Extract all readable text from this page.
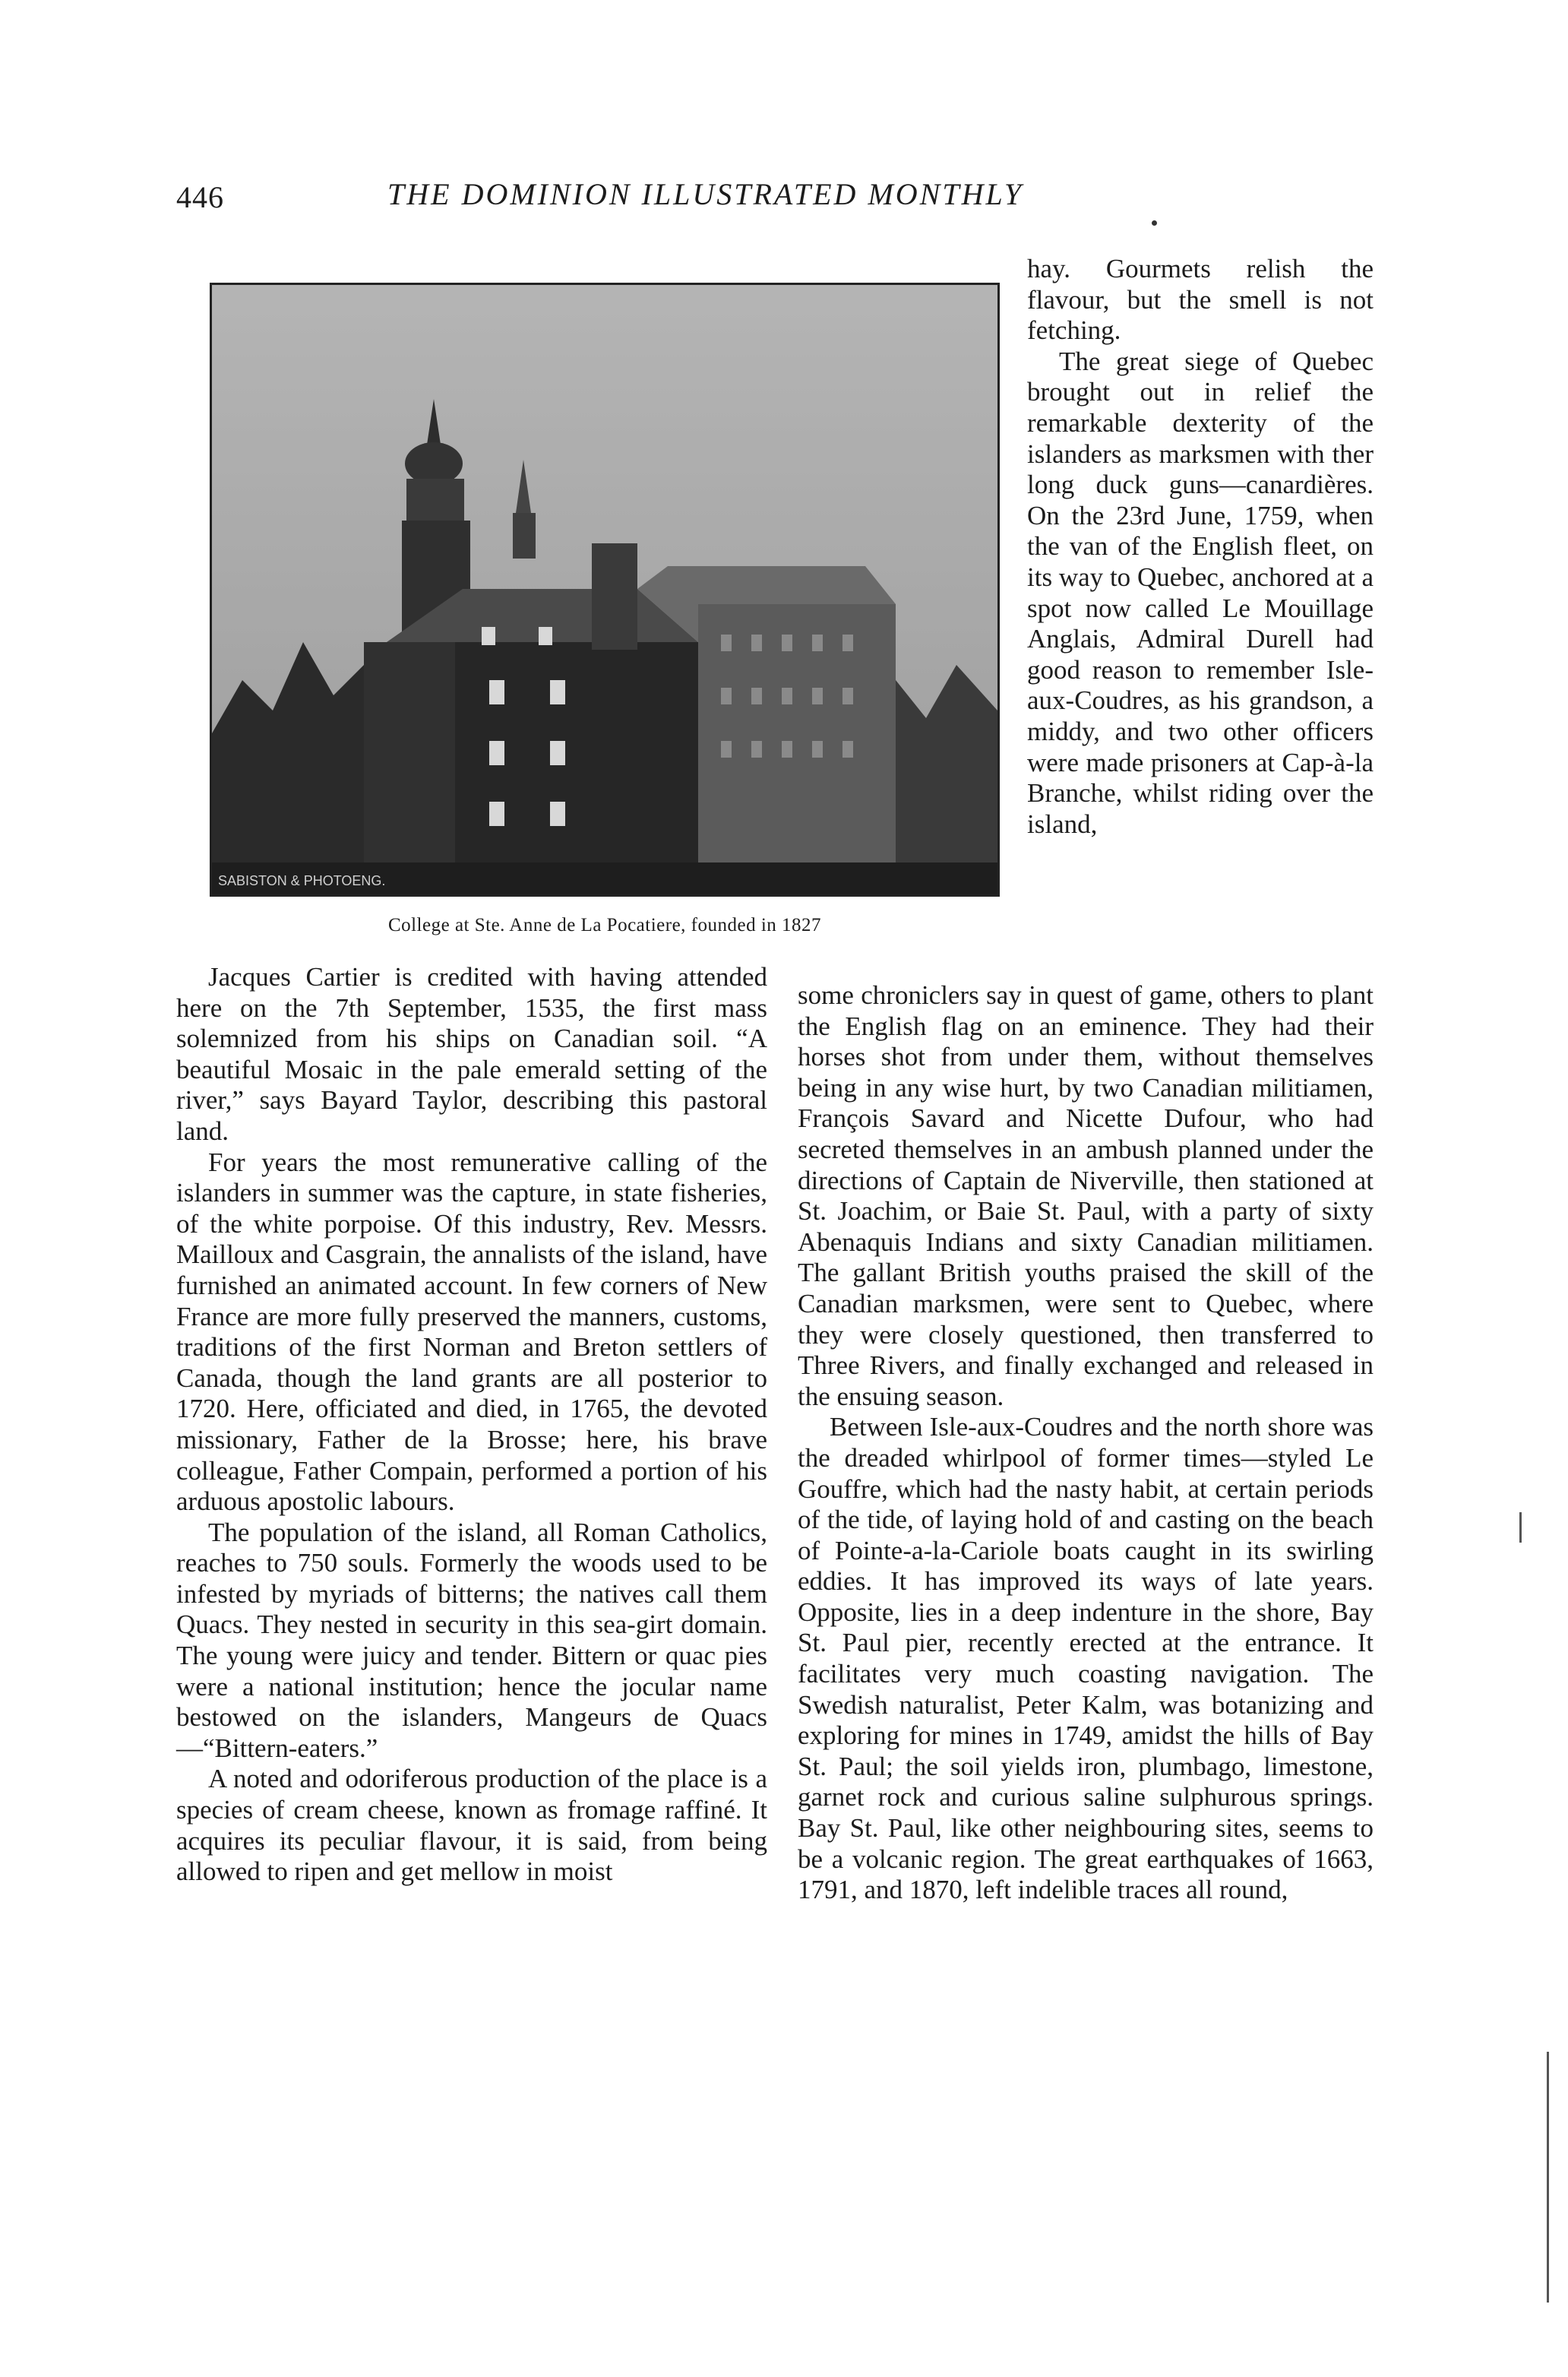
446	THE DOMINION ILLUSTRATED MONTHLY
SABISTON & PHOTOENG.
College at Ste. Anne de La Pocatiere, founded in 1827

hay. Gourmets relish the flavour, but the smell is not fetching.

The great siege of Quebec brought out in relief the remarkable dexterity of the islanders as marksmen with ther long duck guns—canardières. On the 23rd June, 1759, when the van of the English fleet, on its way to Quebec, anchored at a spot now called Le Mouillage Anglais, Admiral Durell had good reason to remember Isle-aux-Coudres, as his grandson, a middy, and two other officers were made prisoners at Cap-à-la Branche, whilst riding over the island,

Jacques Cartier is credited with having attended here on the 7th September, 1535, the first mass solemnized from his ships on Canadian soil. “A beautiful Mosaic in the pale emerald setting of the river,” says Bayard Taylor, describing this pastoral land.

For years the most remunerative calling of the islanders in summer was the capture, in state fisheries, of the white porpoise. Of this industry, Rev. Messrs. Mailloux and Casgrain, the annalists of the island, have furnished an animated account. In few corners of New France are more fully preserved the manners, customs, traditions of the first Norman and Breton settlers of Canada, though the land grants are all posterior to 1720. Here, officiated and died, in 1765, the devoted missionary, Father de la Brosse; here, his brave colleague, Father Compain, performed a portion of his arduous apostolic labours.

The population of the island, all Roman Catholics, reaches to 750 souls. Formerly the woods used to be infested by myriads of bitterns; the natives call them Quacs. They nested in security in this sea-girt domain. The young were juicy and tender. Bittern or quac pies were a national institution; hence the jocular name bestowed on the islanders, Mangeurs de Quacs—“Bittern-eaters.”

A noted and odoriferous production of the place is a species of cream cheese, known as fromage raffiné. It acquires its peculiar flavour, it is said, from being allowed to ripen and get mellow in moist

some chroniclers say in quest of game, others to plant the English flag on an eminence. They had their horses shot from under them, without themselves being in any wise hurt, by two Canadian militiamen, François Savard and Nicette Dufour, who had secreted themselves in an ambush planned under the directions of Captain de Niverville, then stationed at St. Joachim, or Baie St. Paul, with a party of sixty Abenaquis Indians and sixty Canadian militiamen. The gallant British youths praised the skill of the Canadian marksmen, were sent to Quebec, where they were closely questioned, then transferred to Three Rivers, and finally exchanged and released in the ensuing season.

Between Isle-aux-Coudres and the north shore was the dreaded whirlpool of former times—styled Le Gouffre, which had the nasty habit, at certain periods of the tide, of laying hold of and casting on the beach of Pointe-a-la-Cariole boats caught in its swirling eddies. It has improved its ways of late years. Opposite, lies in a deep indenture in the shore, Bay St. Paul pier, recently erected at the entrance. It facilitates very much coasting navigation. The Swedish naturalist, Peter Kalm, was botanizing and exploring for mines in 1749, amidst the hills of Bay St. Paul; the soil yields iron, plumbago, limestone, garnet rock and curious saline sulphurous springs. Bay St. Paul, like other neighbouring sites, seems to be a volcanic region. The great earthquakes of 1663, 1791, and 1870, left indelible traces all round,
